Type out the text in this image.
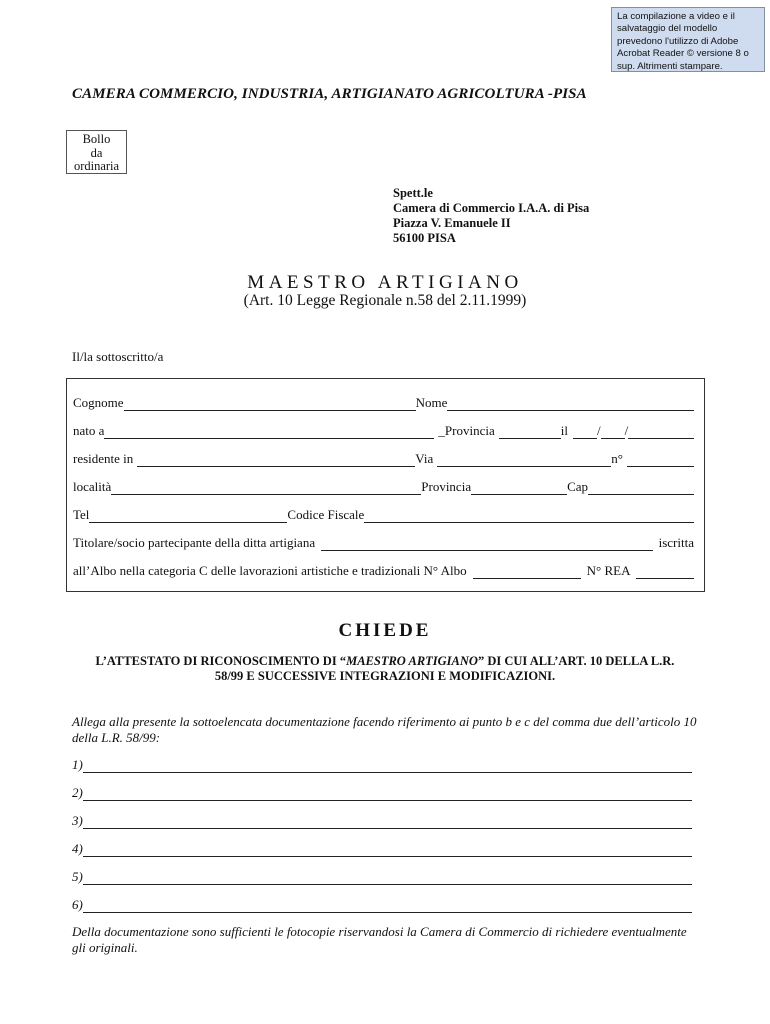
La compilazione a video e il salvataggio del modello prevedono l'utilizzo di Adobe Acrobat Reader © versione 8 o sup. Altrimenti stampare.
CAMERA COMMERCIO, INDUSTRIA, ARTIGIANATO AGRICOLTURA -PISA
Bollo
da
ordinaria
Spett.le
Camera di Commercio I.A.A. di Pisa
Piazza V. Emanuele II
56100 PISA
MAESTRO ARTIGIANO
(Art. 10 Legge Regionale n.58 del 2.11.1999)
Il/la sottoscritto/a
Cognome	Nome
nato a	_Provincia	il / /
residente in	Via	n°
località	Provincia	Cap
Tel	Codice Fiscale
Titolare/socio partecipante della ditta artigiana	iscritta
all’Albo nella categoria C delle lavorazioni artistiche e tradizionali N° Albo	N° REA
CHIEDE
L’ATTESTATO DI RICONOSCIMENTO DI “MAESTRO ARTIGIANO” DI CUI ALL’ART. 10 DELLA L.R.
58/99 E SUCCESSIVE INTEGRAZIONI E MODIFICAZIONI.
Allega alla presente la sottoelencata documentazione facendo riferimento ai punto b e c del comma due dell’articolo 10 della L.R. 58/99:
1)
2)
3)
4)
5)
6)
Della documentazione sono sufficienti le fotocopie riservandosi la Camera di Commercio di richiedere eventualmente gli originali.
